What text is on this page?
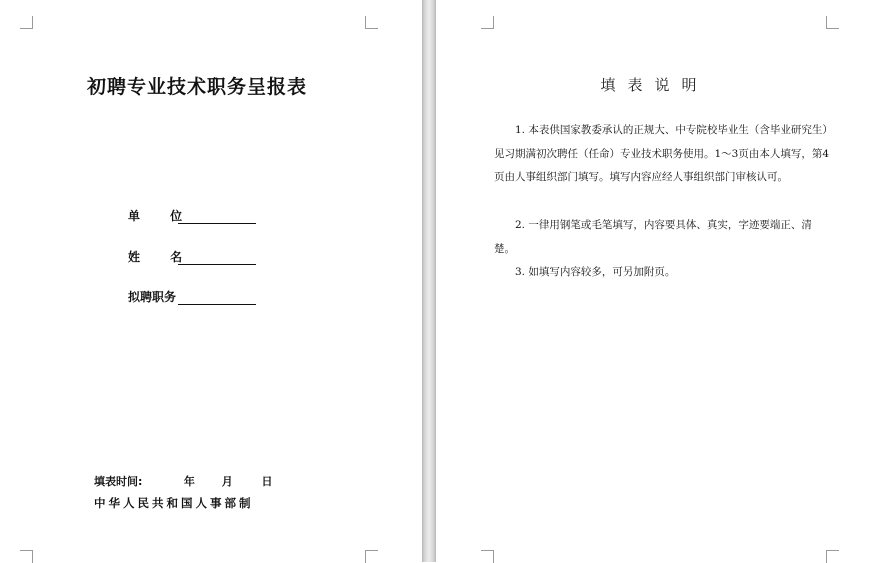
初聘专业技术职务呈报表
单 位
姓 名
拟聘职务
填表时间:	年 月	日
中华人民共和国人事部制
填表说明
1. 本表供国家教委承认的正规大、中专院校毕业生（含毕业研究生）见习期满初次聘任（任命）专业技术职务使用。1～3页由本人填写，第4页由人事组织部门填写。填写内容应经人事组织部门审核认可。
2. 一律用钢笔或毛笔填写，内容要具体、真实，字迹要端正、清楚。
3. 如填写内容较多，可另加附页。
